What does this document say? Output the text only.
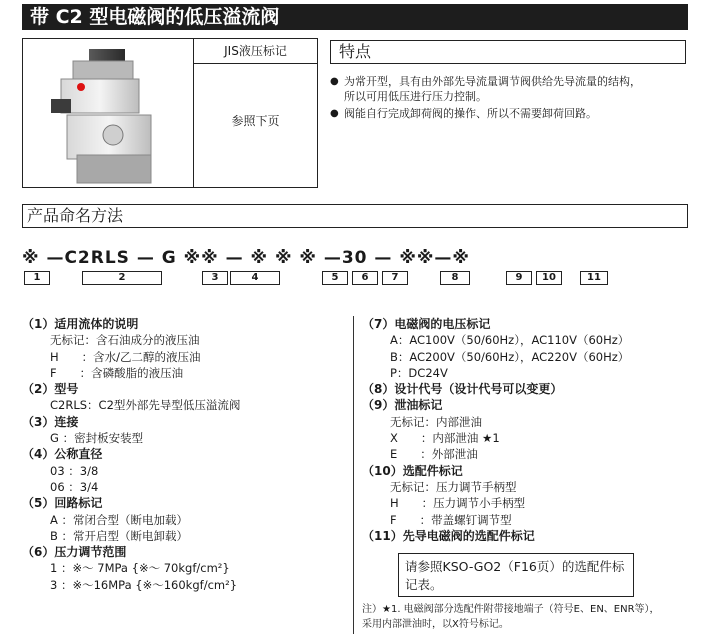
带 C2 型电磁阀的低压溢流阀
JIS液压标记
参照下页
特点
● 为常开型，具有由外部先导流量调节阀供给先导流量的结构，
所以可用低压进行压力控制。
● 阀能自行完成卸荷阀的操作、所以不需要卸荷回路。
产品命名方法
※ —C2RLS — G ※※ — ※ ※ ※ —30 — ※※—※
1	2	3	4	5	6	7	8	9	10	11
（1）适用流体的说明
无标记：含石油成分的液压油
H　　：含水/乙二醇的液压油
F　　：含磷酸脂的液压油
（2）型号
C2RLS：C2型外部先导型低压溢流阀
（3）连接
G ：密封板安装型
（4）公称直径
03 ：3/8
06 ：3/4
（5）回路标记
A ：常闭合型（断电加载）
B ：常开启型（断电卸载）
（6）压力调节范围
1 ：※～ 7MPa {※～ 70kgf/cm²}
3 ：※～16MPa {※～160kgf/cm²}
（7）电磁阀的电压标记
A：AC100V（50/60Hz），AC110V（60Hz）
B：AC200V（50/60Hz），AC220V（60Hz）
P：DC24V
（8）设计代号（设计代号可以变更）
（9）泄油标记
无标记：内部泄油
X　　：内部泄油 ★1
E　　：外部泄油
（10）选配件标记
无标记：压力调节手柄型
H　　：压力调节小手柄型
F　　：带盖螺钉调节型
（11）先导电磁阀的选配件标记
请参照KSO-GO2（F16页）的选配件标记表。
注）★1. 电磁阀部分选配件附带接地端子（符号E、EN、ENR等），
采用内部泄油时，以X符号标记。
